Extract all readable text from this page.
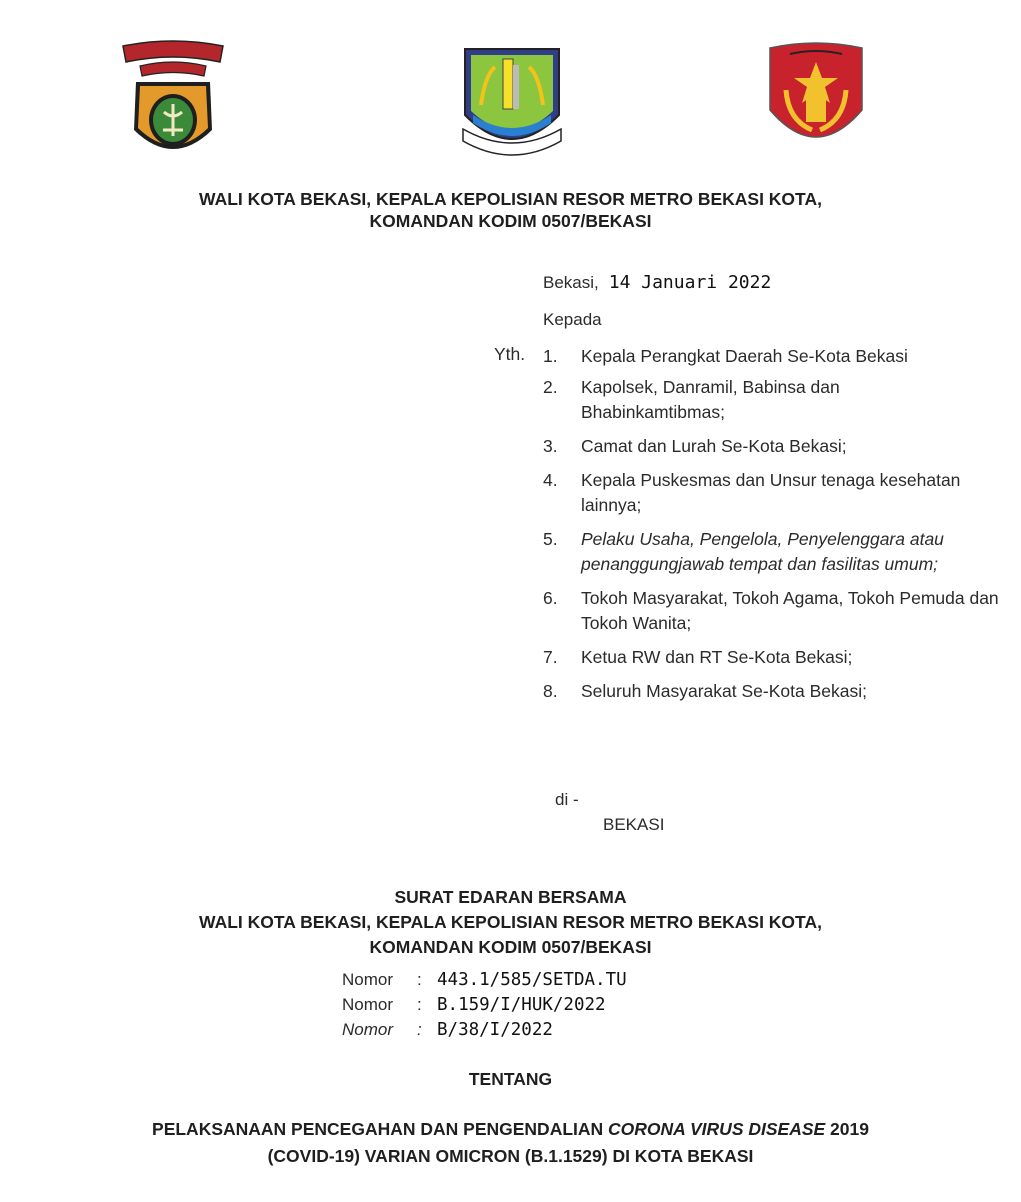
WALI KOTA BEKASI, KEPALA KEPOLISIAN RESOR METRO BEKASI KOTA,
KOMANDAN KODIM 0507/BEKASI
Bekasi, 14 Januari 2022
Kepada
Yth. 1.	Kepala Perangkat Daerah Se-Kota Bekasi
2.	Kapolsek, Danramil, Babinsa dan Bhabinkamtibmas;
3.	Camat dan Lurah Se-Kota Bekasi;
4.	Kepala Puskesmas dan Unsur tenaga kesehatan lainnya;
5.	Pelaku Usaha, Pengelola, Penyelenggara atau penanggungjawab tempat dan fasilitas umum;
6.	Tokoh Masyarakat, Tokoh Agama, Tokoh Pemuda dan Tokoh Wanita;
7.	Ketua RW dan RT Se-Kota Bekasi;
8.	Seluruh Masyarakat Se-Kota Bekasi;
di -
BEKASI
SURAT EDARAN BERSAMA
WALI KOTA BEKASI, KEPALA KEPOLISIAN RESOR METRO BEKASI KOTA,
KOMANDAN KODIM 0507/BEKASI
Nomor	: 443.1/585/SETDA.TU
Nomor	: B.159/I/HUK/2022
Nomor	: B/38/I/2022
TENTANG
PELAKSANAAN PENCEGAHAN DAN PENGENDALIAN CORONA VIRUS DISEASE 2019
(COVID-19) VARIAN OMICRON (B.1.1529) DI KOTA BEKASI
